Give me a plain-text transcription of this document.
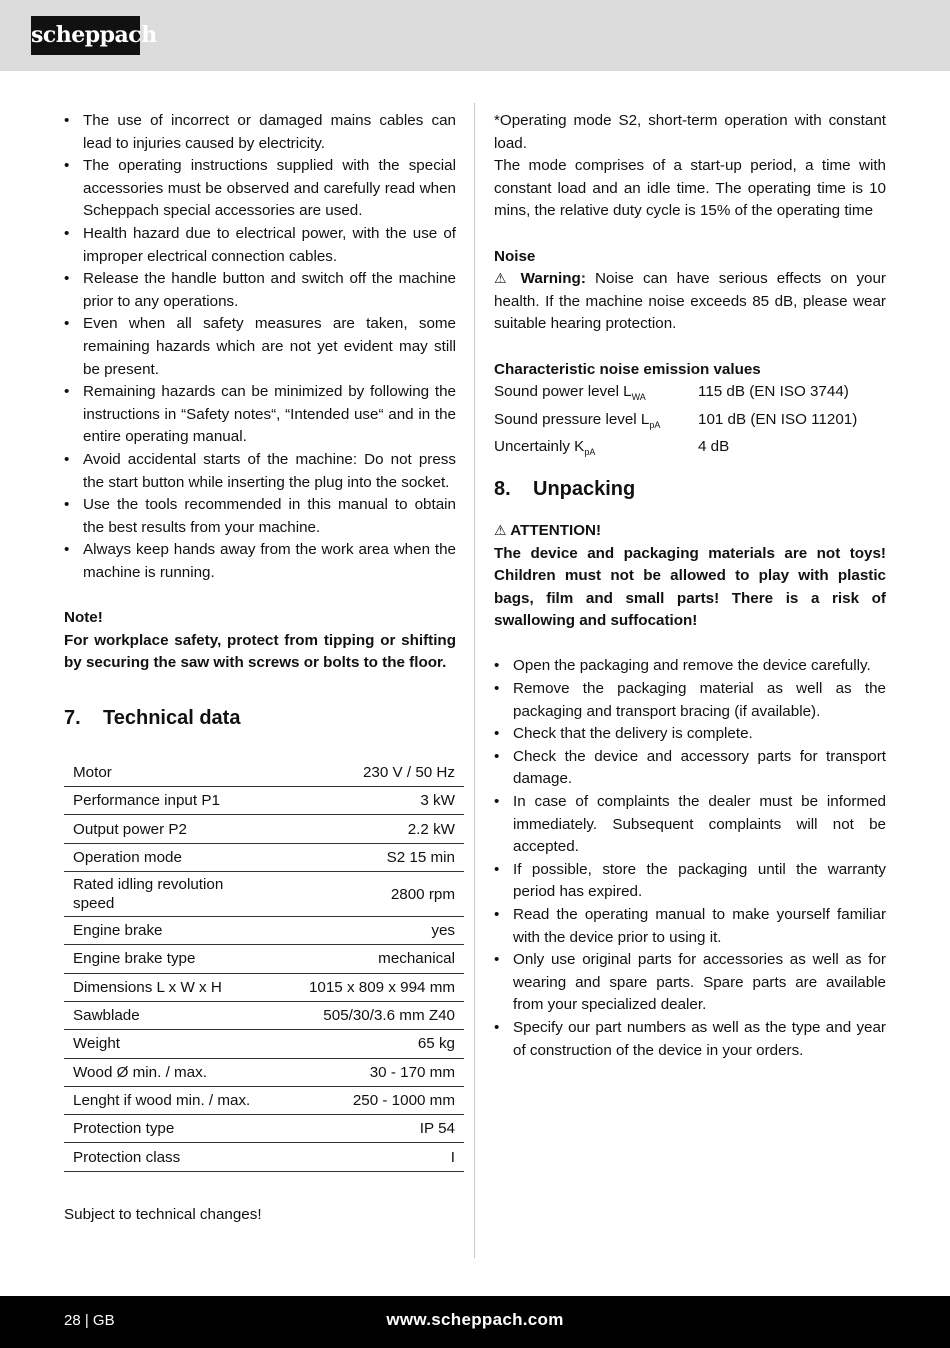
scheppach
• The use of incorrect or damaged mains cables can lead to injuries caused by electricity.
• The operating instructions supplied with the special accessories must be observed and carefully read when Scheppach special accessories are used.
• Health hazard due to electrical power, with the use of improper electrical connection cables.
• Release the handle button and switch off the machine prior to any operations.
• Even when all safety measures are taken, some remaining hazards which are not yet evident may still be present.
• Remaining hazards can be minimized by following the instructions in “Safety notes“, “Intended use“ and in the entire operating manual.
• Avoid accidental starts of the machine: Do not press the start button while inserting the plug into the socket.
• Use the tools recommended in this manual to obtain the best results from your machine.
• Always keep hands away from the work area when the machine is running.

Note!

For workplace safety, protect from tipping or shifting by securing the saw with screws or bolts to the floor.

7. Technical data
Motor	230 V / 50 Hz
Performance input P1	3 kW
Output power P2	2.2 kW
Operation mode	S2 15 min
Rated idling revolution speed	2800 rpm
Engine brake	yes
Engine brake type	mechanical
Dimensions L x W x H	1015 x 809 x 994 mm
Sawblade	505/30/3.6 mm Z40
Weight	65 kg
Wood Ø min. / max.	30 - 170 mm
Lenght if wood min. / max.	250 - 1000 mm
Protection type	IP 54
Protection class	I

Subject to technical changes!

*Operating mode S2, short-term operation with constant load.

The mode comprises of a start-up period, a time with constant load and an idle time. The operating time is 10 mins, the relative duty cycle is 15% of the operating time

Noise

⚠ Warning: Noise can have serious effects on your health. If the machine noise exceeds 85 dB, please wear suitable hearing protection.

Characteristic noise emission values

Sound power level $L_{WA}$	115 dB (EN ISO 3744)
Sound pressure level $L_{pA}$	101 dB (EN ISO 11201)
Uncertainly $K_{pA}$	4 dB
8. Unpacking

⚠ ATTENTION!

The device and packaging materials are not toys! Children must not be allowed to play with plastic bags, film and small parts! There is a risk of swallowing and suffocation!

• Open the packaging and remove the device carefully.
• Remove the packaging material as well as the packaging and transport bracing (if available).
• Check that the delivery is complete.
• Check the device and accessory parts for transport damage.
• In case of complaints the dealer must be informed immediately. Subsequent complaints will not be accepted.
• If possible, store the packaging until the warranty period has expired.
• Read the operating manual to make yourself familiar with the device prior to using it.
• Only use original parts for accessories as well as for wearing and spare parts. Spare parts are available from your specialized dealer.
• Specify our part numbers as well as the type and year of construction of the device in your orders.
28 | GB	www.scheppach.com
